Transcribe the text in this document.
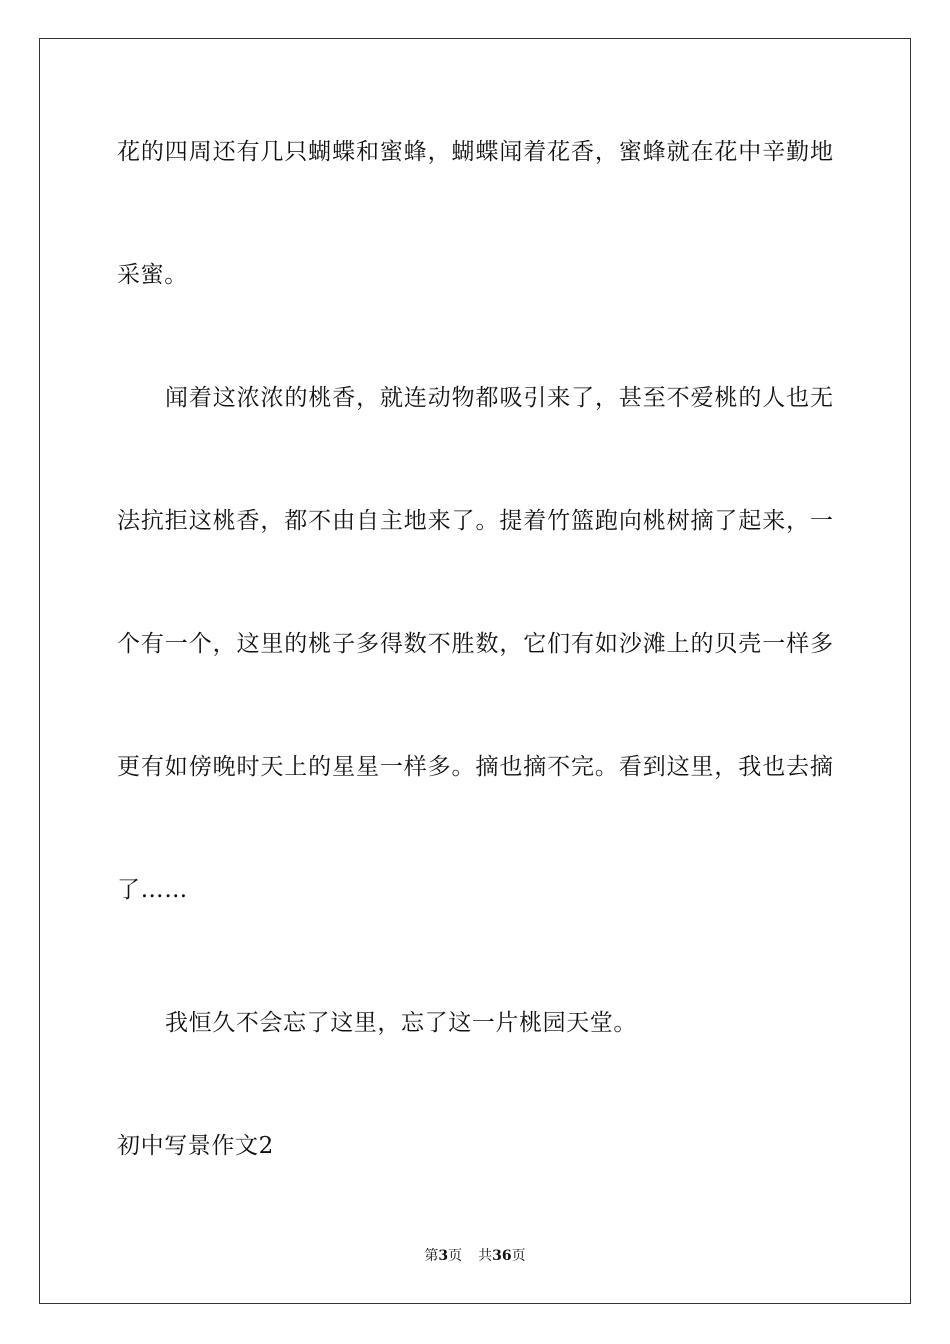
花的四周还有几只蝴蝶和蜜蜂，蝴蝶闻着花香，蜜蜂就在花中辛勤地
采蜜。
闻着这浓浓的桃香，就连动物都吸引来了，甚至不爱桃的人也无
法抗拒这桃香，都不由自主地来了。提着竹篮跑向桃树摘了起来，一
个有一个，这里的桃子多得数不胜数，它们有如沙滩上的贝壳一样多
更有如傍晚时天上的星星一样多。摘也摘不完。看到这里，我也去摘
了……
我恒久不会忘了这里，忘了这一片桃园天堂。
初中写景作文2
第3页 共36页
